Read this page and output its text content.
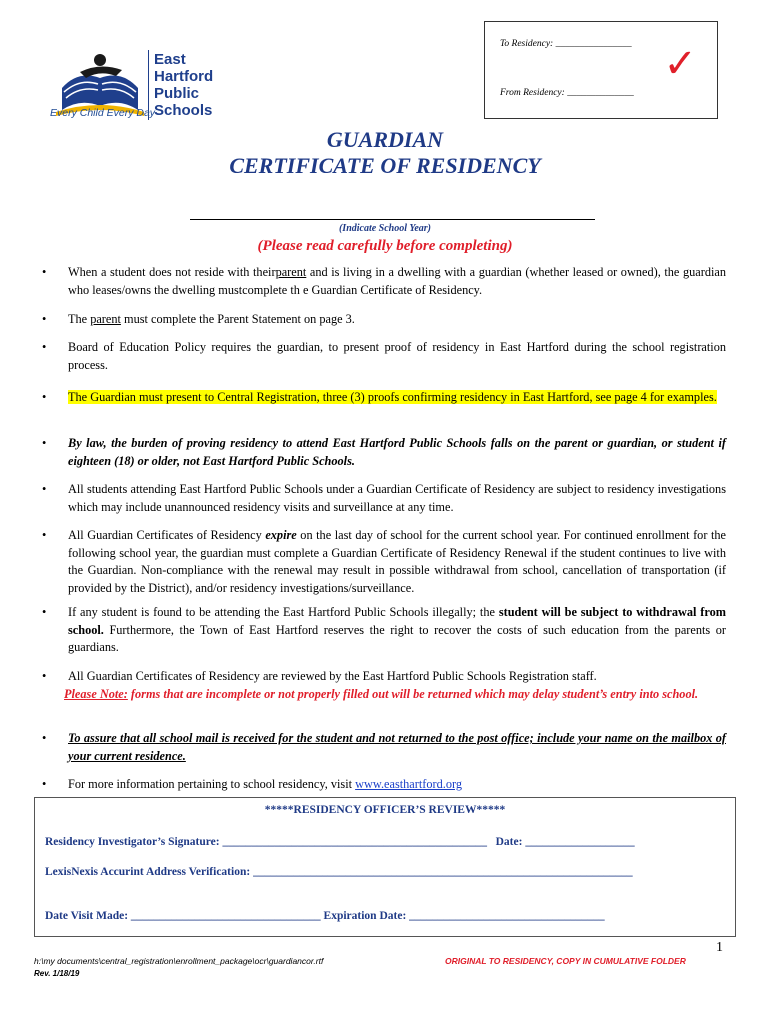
East
Hartford
Public
Schools
Every Child Every Day
To Residency: ________________
From Residency: ______________
✓
GUARDIAN
CERTIFICATE OF RESIDENCY
(Indicate School Year)
(Please read carefully before completing)
• When a student does not reside with theirparent and is living in a dwelling with a guardian (whether leased or owned), the guardian who leases/owns the dwelling mustcomplete th e Guardian Certificate of Residency.
• The parent must complete the Parent Statement on page 3.
• Board of Education Policy requires the guardian, to present proof of residency in East Hartford during the school registration process.
• The Guardian must present to Central Registration, three (3) proofs confirming residency in East Hartford, see page 4 for examples.
• By law, the burden of proving residency to attend East Hartford Public Schools falls on the parent or guardian, or student if eighteen (18) or older, not East Hartford Public Schools.
• All students attending East Hartford Public Schools under a Guardian Certificate of Residency are subject to residency investigations which may include unannounced residency visits and surveillance at any time.
• All Guardian Certificates of Residency expire on the last day of school for the current school year. For continued enrollment for the following school year, the guardian must complete a Guardian Certificate of Residency Renewal if the student continues to live with the Guardian. Non-compliance with the renewal may result in possible withdrawal from school, cancellation of transportation (if provided by the District), and/or residency investigations/surveillance.
• If any student is found to be attending the East Hartford Public Schools illegally; the student will be subject to withdrawal from school. Furthermore, the Town of East Hartford reserves the right to recover the costs of such education from the parents or guardians.
• All Guardian Certificates of Residency are reviewed by the East Hartford Public Schools Registration staff.
Please Note: forms that are incomplete or not properly filled out will be returned which may delay student’s entry into school.
• To assure that all school mail is received for the student and not returned to the post office; include your name on the mailbox of your current residence.
• For more information pertaining to school residency, visit www.easthartford.org
*****RESIDENCY OFFICER’S REVIEW*****
Residency Investigator’s Signature: ______________________________________________ Date: ___________________
LexisNexis Accurint Address Verification: __________________________________________________________________
Date Visit Made: _________________________________ Expiration Date: __________________________________
h:\my documents\central_registration\enrollment_package\ocr\guardiancor.rtf
Rev. 1/18/19
ORIGINAL TO RESIDENCY, COPY IN CUMULATIVE FOLDER
1
